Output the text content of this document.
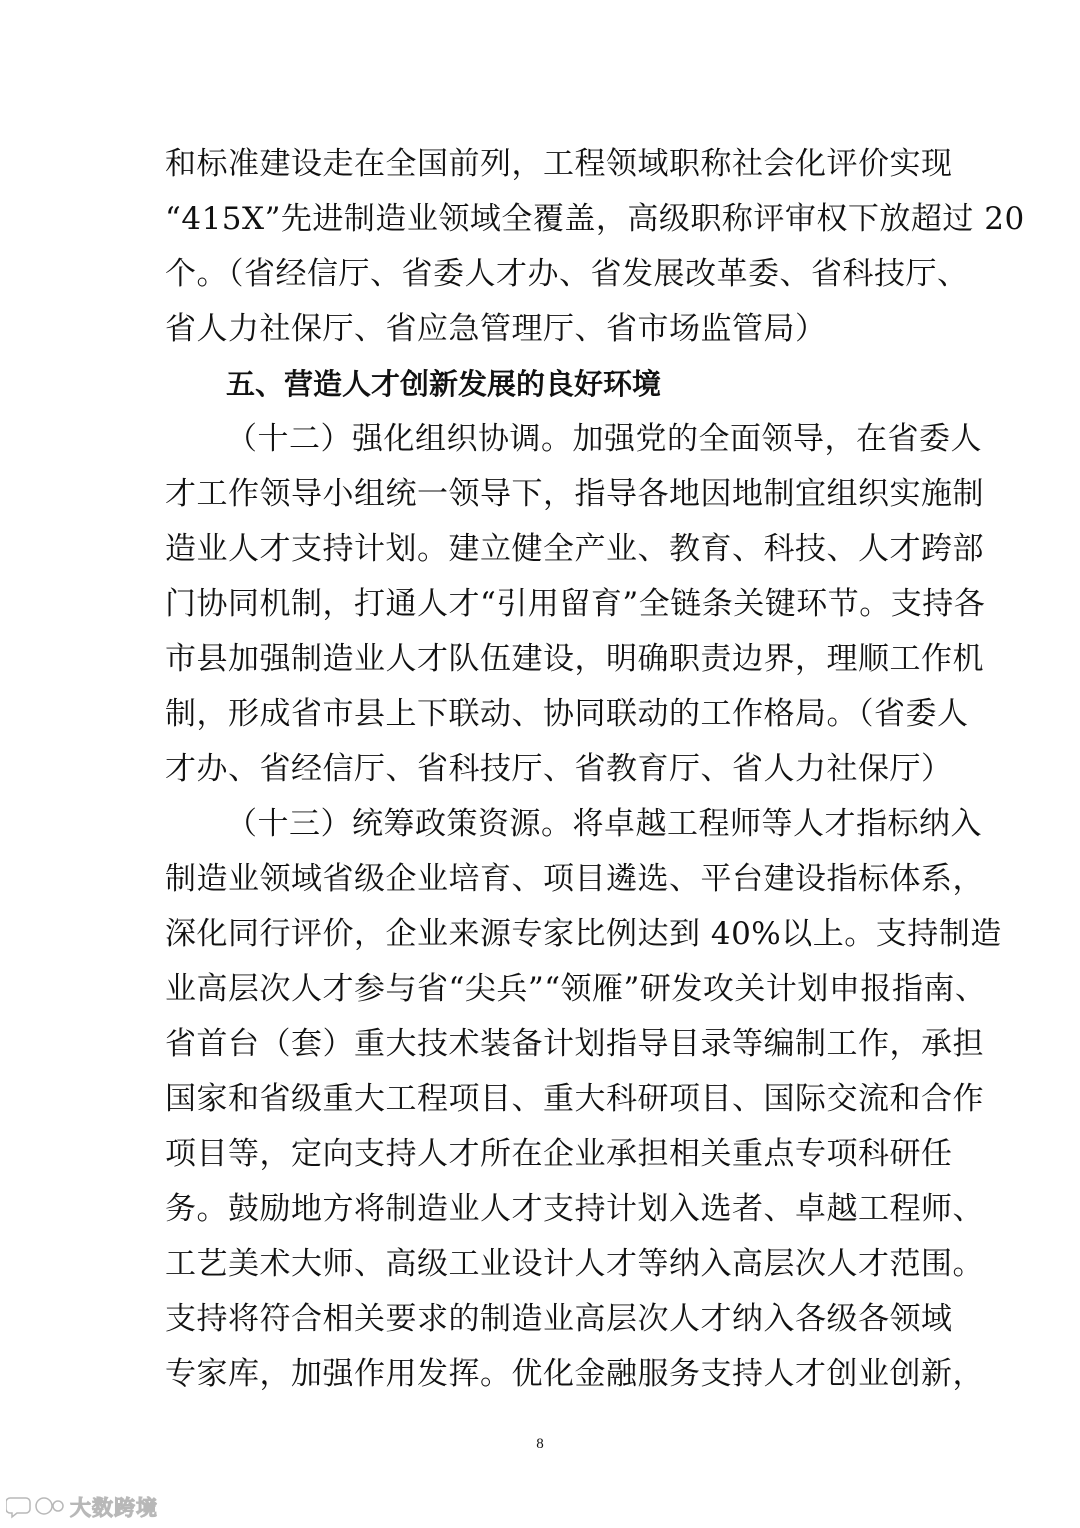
和标准建设走在全国前列，工程领域职称社会化评价实现
“415X”先进制造业领域全覆盖，高级职称评审权下放超过 20
个。（省经信厅、省委人才办、省发展改革委、省科技厅、
省人力社保厅、省应急管理厅、省市场监管局）
五、营造人才创新发展的良好环境
（十二）强化组织协调。加强党的全面领导，在省委人
才工作领导小组统一领导下，指导各地因地制宜组织实施制
造业人才支持计划。建立健全产业、教育、科技、人才跨部
门协同机制，打通人才“引用留育”全链条关键环节。支持各
市县加强制造业人才队伍建设，明确职责边界，理顺工作机
制，形成省市县上下联动、协同联动的工作格局。（省委人
才办、省经信厅、省科技厅、省教育厅、省人力社保厅）
（十三）统筹政策资源。将卓越工程师等人才指标纳入
制造业领域省级企业培育、项目遴选、平台建设指标体系，
深化同行评价，企业来源专家比例达到 40%以上。支持制造
业高层次人才参与省“尖兵”“领雁”研发攻关计划申报指南、
省首台（套）重大技术装备计划指导目录等编制工作，承担
国家和省级重大工程项目、重大科研项目、国际交流和合作
项目等，定向支持人才所在企业承担相关重点专项科研任
务。鼓励地方将制造业人才支持计划入选者、卓越工程师、
工艺美术大师、高级工业设计人才等纳入高层次人才范围。
支持将符合相关要求的制造业高层次人才纳入各级各领域
专家库，加强作用发挥。优化金融服务支持人才创业创新，
8
大数跨境
